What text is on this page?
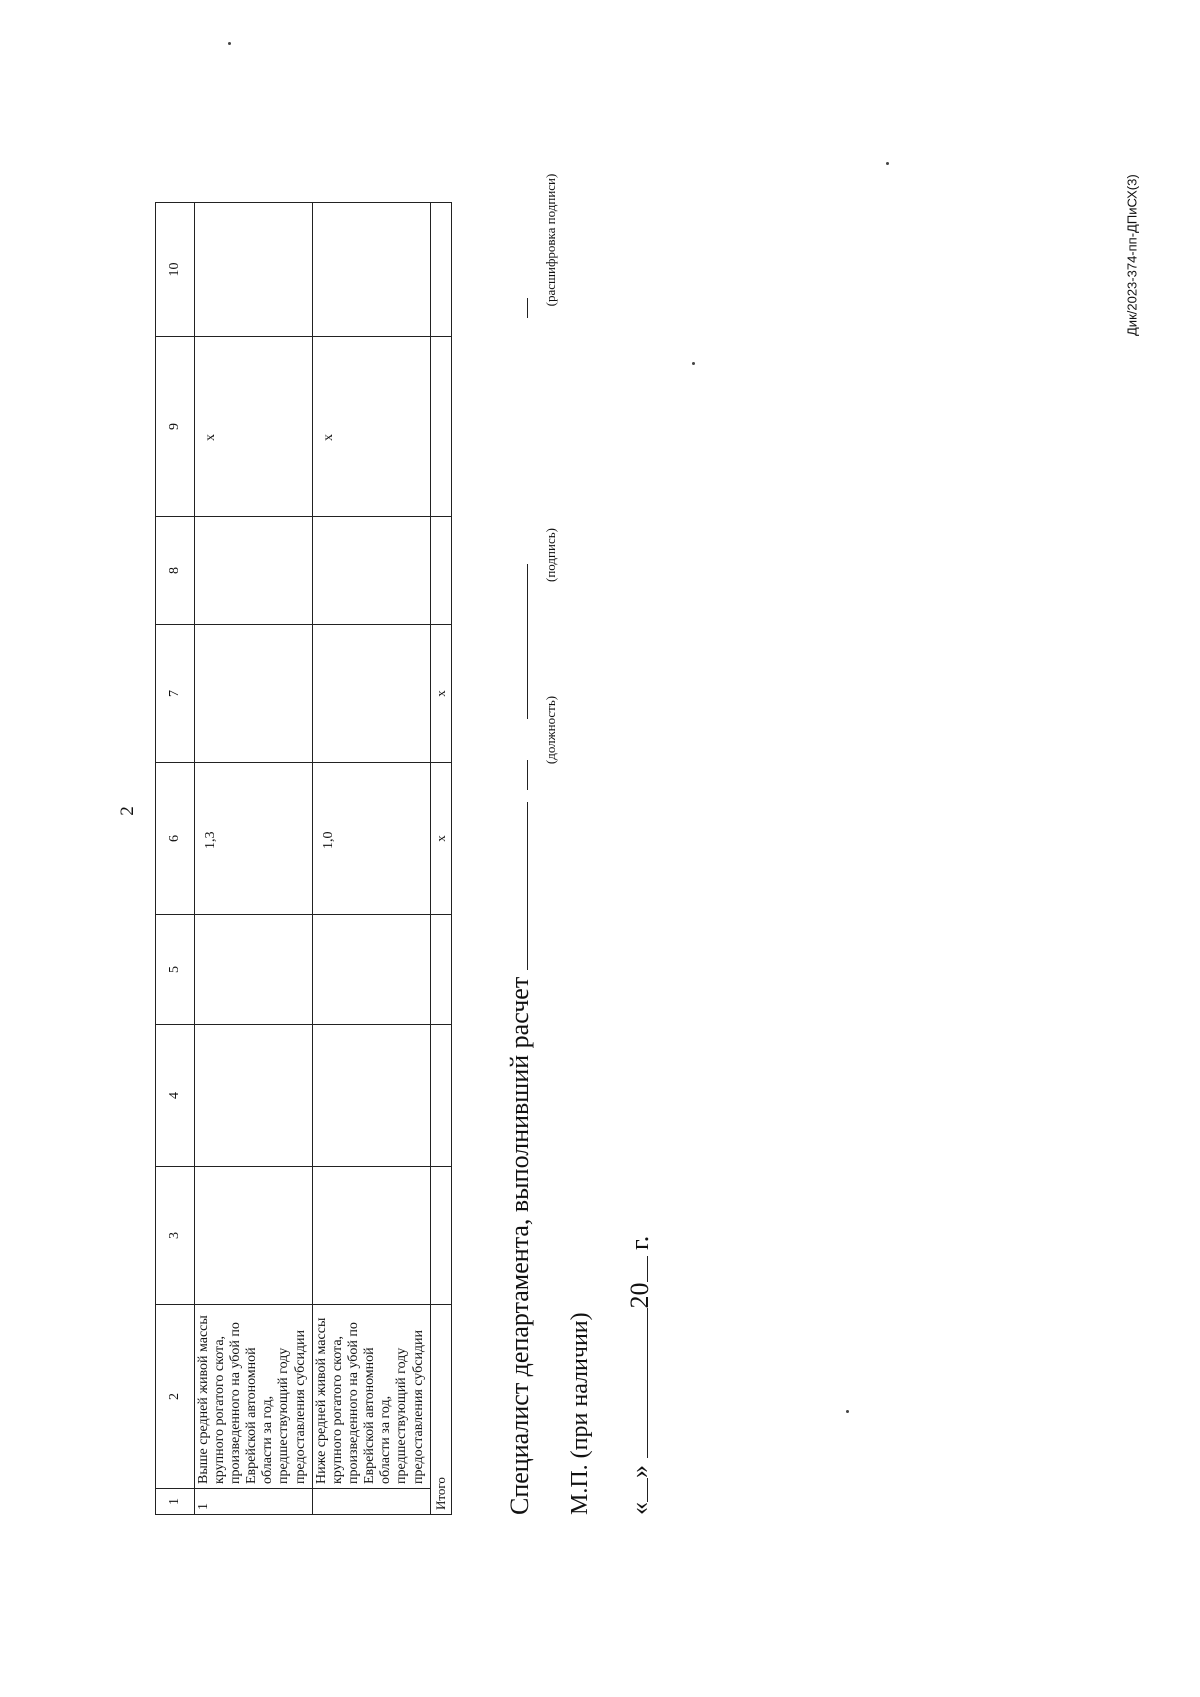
2
Дик/2023-374-пп-ДПиСХ(3)
1	2	3	4	5	6	7	8	9	10
1	Выше средней живой массы крупного рогатого скота, произведенного на убой по Еврейской автономной области за год, предшествующий году предоставления субсидии				1,3			x	
	Ниже средней живой массы крупного рогатого скота, произведенного на убой по Еврейской автономной области за год, предшествующий году предоставления субсидии				1,0			x	
Итого					x	x			
Специалист департамента, выполнивший расчет
(должность)
(подпись)
(расшифровка подписи)
М.П. (при наличии) «» 20 г.
